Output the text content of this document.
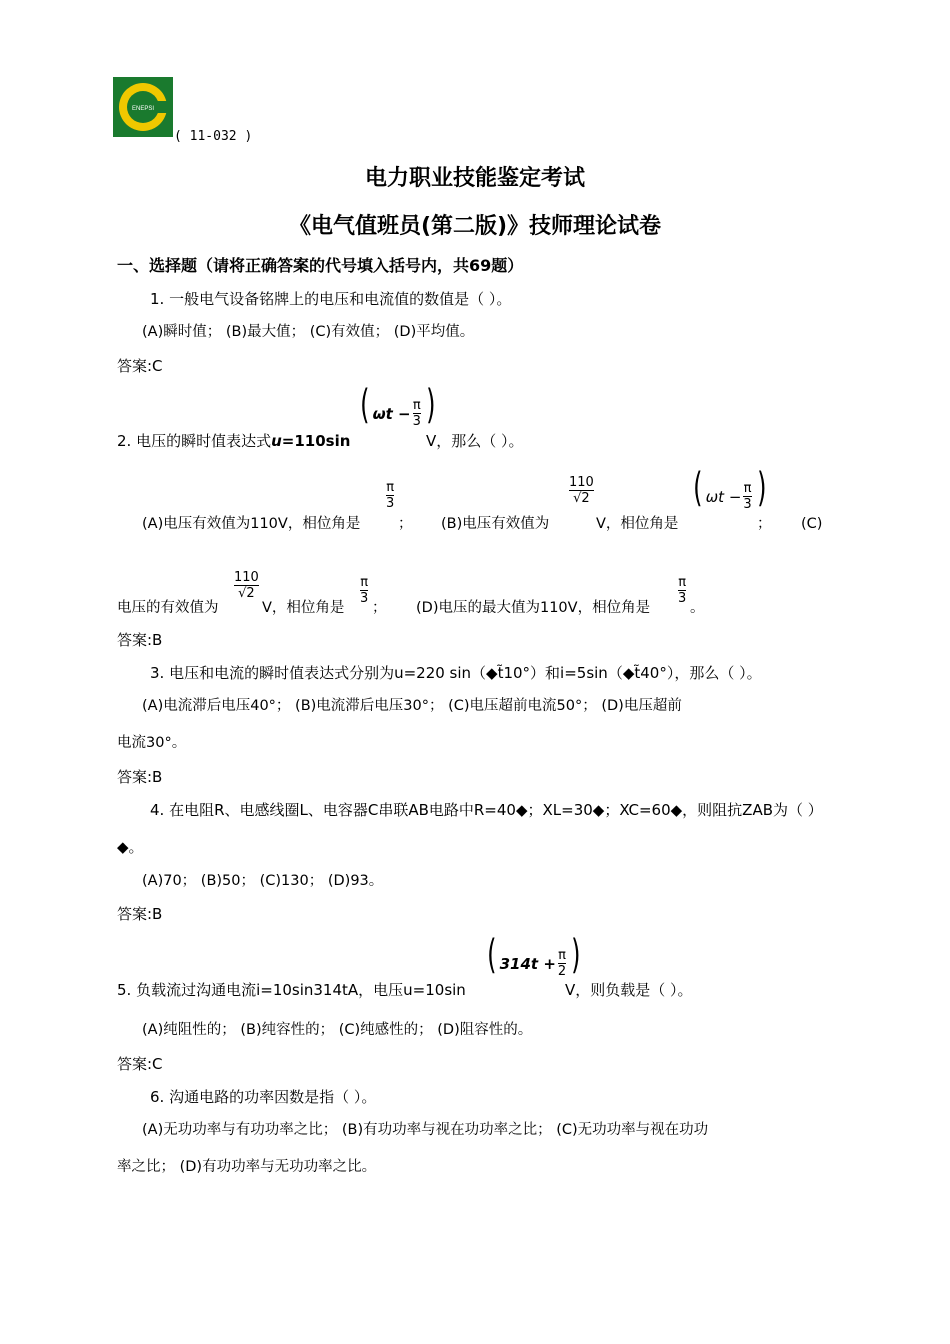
ENEPSI
( 11-032 )
电力职业技能鉴定考试
《电气值班员(第二版)》技师理论试卷
一、选择题（请将正确答案的代号填入括号内，共69题）
1. 一般电气设备铭牌上的电压和电流值的数值是（ ）。
(A)瞬时值； (B)最大值； (C)有效值； (D)平均值。
答案:C
( $\omega t - \frac{\pi}{3}$ )
2. 电压的瞬时值表达式u=110sin	V，那么（ ）。
$\frac{\pi}{3}$	$\frac{110}{√2}$ ( $\omega t - \frac{\pi}{3}$ )
(A)电压有效值为110V，相位角是	； (B)电压有效值为	V，相位角是	； (C)
$\frac{110}{√2}$	$\frac{\pi}{3}$	$\frac{\pi}{3}$
电压的有效值为	V，相位角是 ； (D)电压的最大值为110V，相位角是	。
答案:B
3. 电压和电流的瞬时值表达式分别为u=220 sin（◆t̃10°）和i=5sin（◆t̃40°），那么（ ）。
(A)电流滞后电压40°； (B)电流滞后电压30°； (C)电压超前电流50°； (D)电压超前
电流30°。
答案:B
4. 在电阻R、电感线圈L、电容器C串联AB电路中R=40◆；XL=30◆；XC=60◆，则阻抗ZAB为（ ）
◆。
(A)70； (B)50； (C)130； (D)93。
答案:B
( $314t + \frac{\pi}{2}$ )
5. 负载流过沟通电流i=10sin314tA，电压u=10sin	V，则负载是（ ）。
(A)纯阻性的； (B)纯容性的； (C)纯感性的； (D)阻容性的。
答案:C
6. 沟通电路的功率因数是指（ ）。
(A)无功功率与有功功率之比； (B)有功功率与视在功功率之比； (C)无功功率与视在功功
率之比； (D)有功功率与无功功率之比。
